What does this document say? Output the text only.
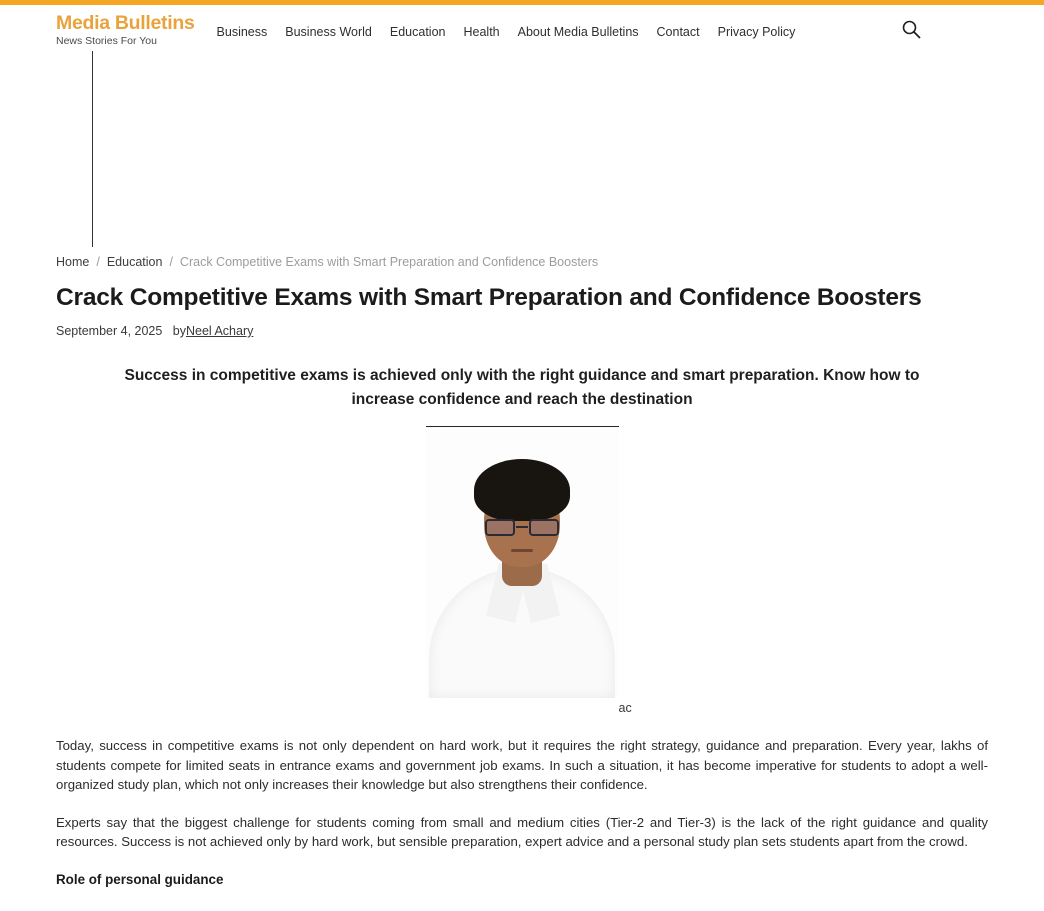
Media Bulletins
News Stories For You
Business Business World Education Health About Media Bulletins Contact Privacy Policy
Home / Education / Crack Competitive Exams with Smart Preparation and Confidence Boosters
Crack Competitive Exams with Smart Preparation and Confidence Boosters
September 4, 2025 byNeel Achary
Success in competitive exams is achieved only with the right guidance and smart preparation. Know how to increase confidence and reach the destination
ac

Today, success in competitive exams is not only dependent on hard work, but it requires the right strategy, guidance and preparation. Every year, lakhs of students compete for limited seats in entrance exams and government job exams. In such a situation, it has become imperative for students to adopt a well-organized study plan, which not only increases their knowledge but also strengthens their confidence.

Experts say that the biggest challenge for students coming from small and medium cities (Tier-2 and Tier-3) is the lack of the right guidance and quality resources. Success is not achieved only by hard work, but sensible preparation, expert advice and a personal study plan sets students apart from the crowd.

Role of personal guidance
